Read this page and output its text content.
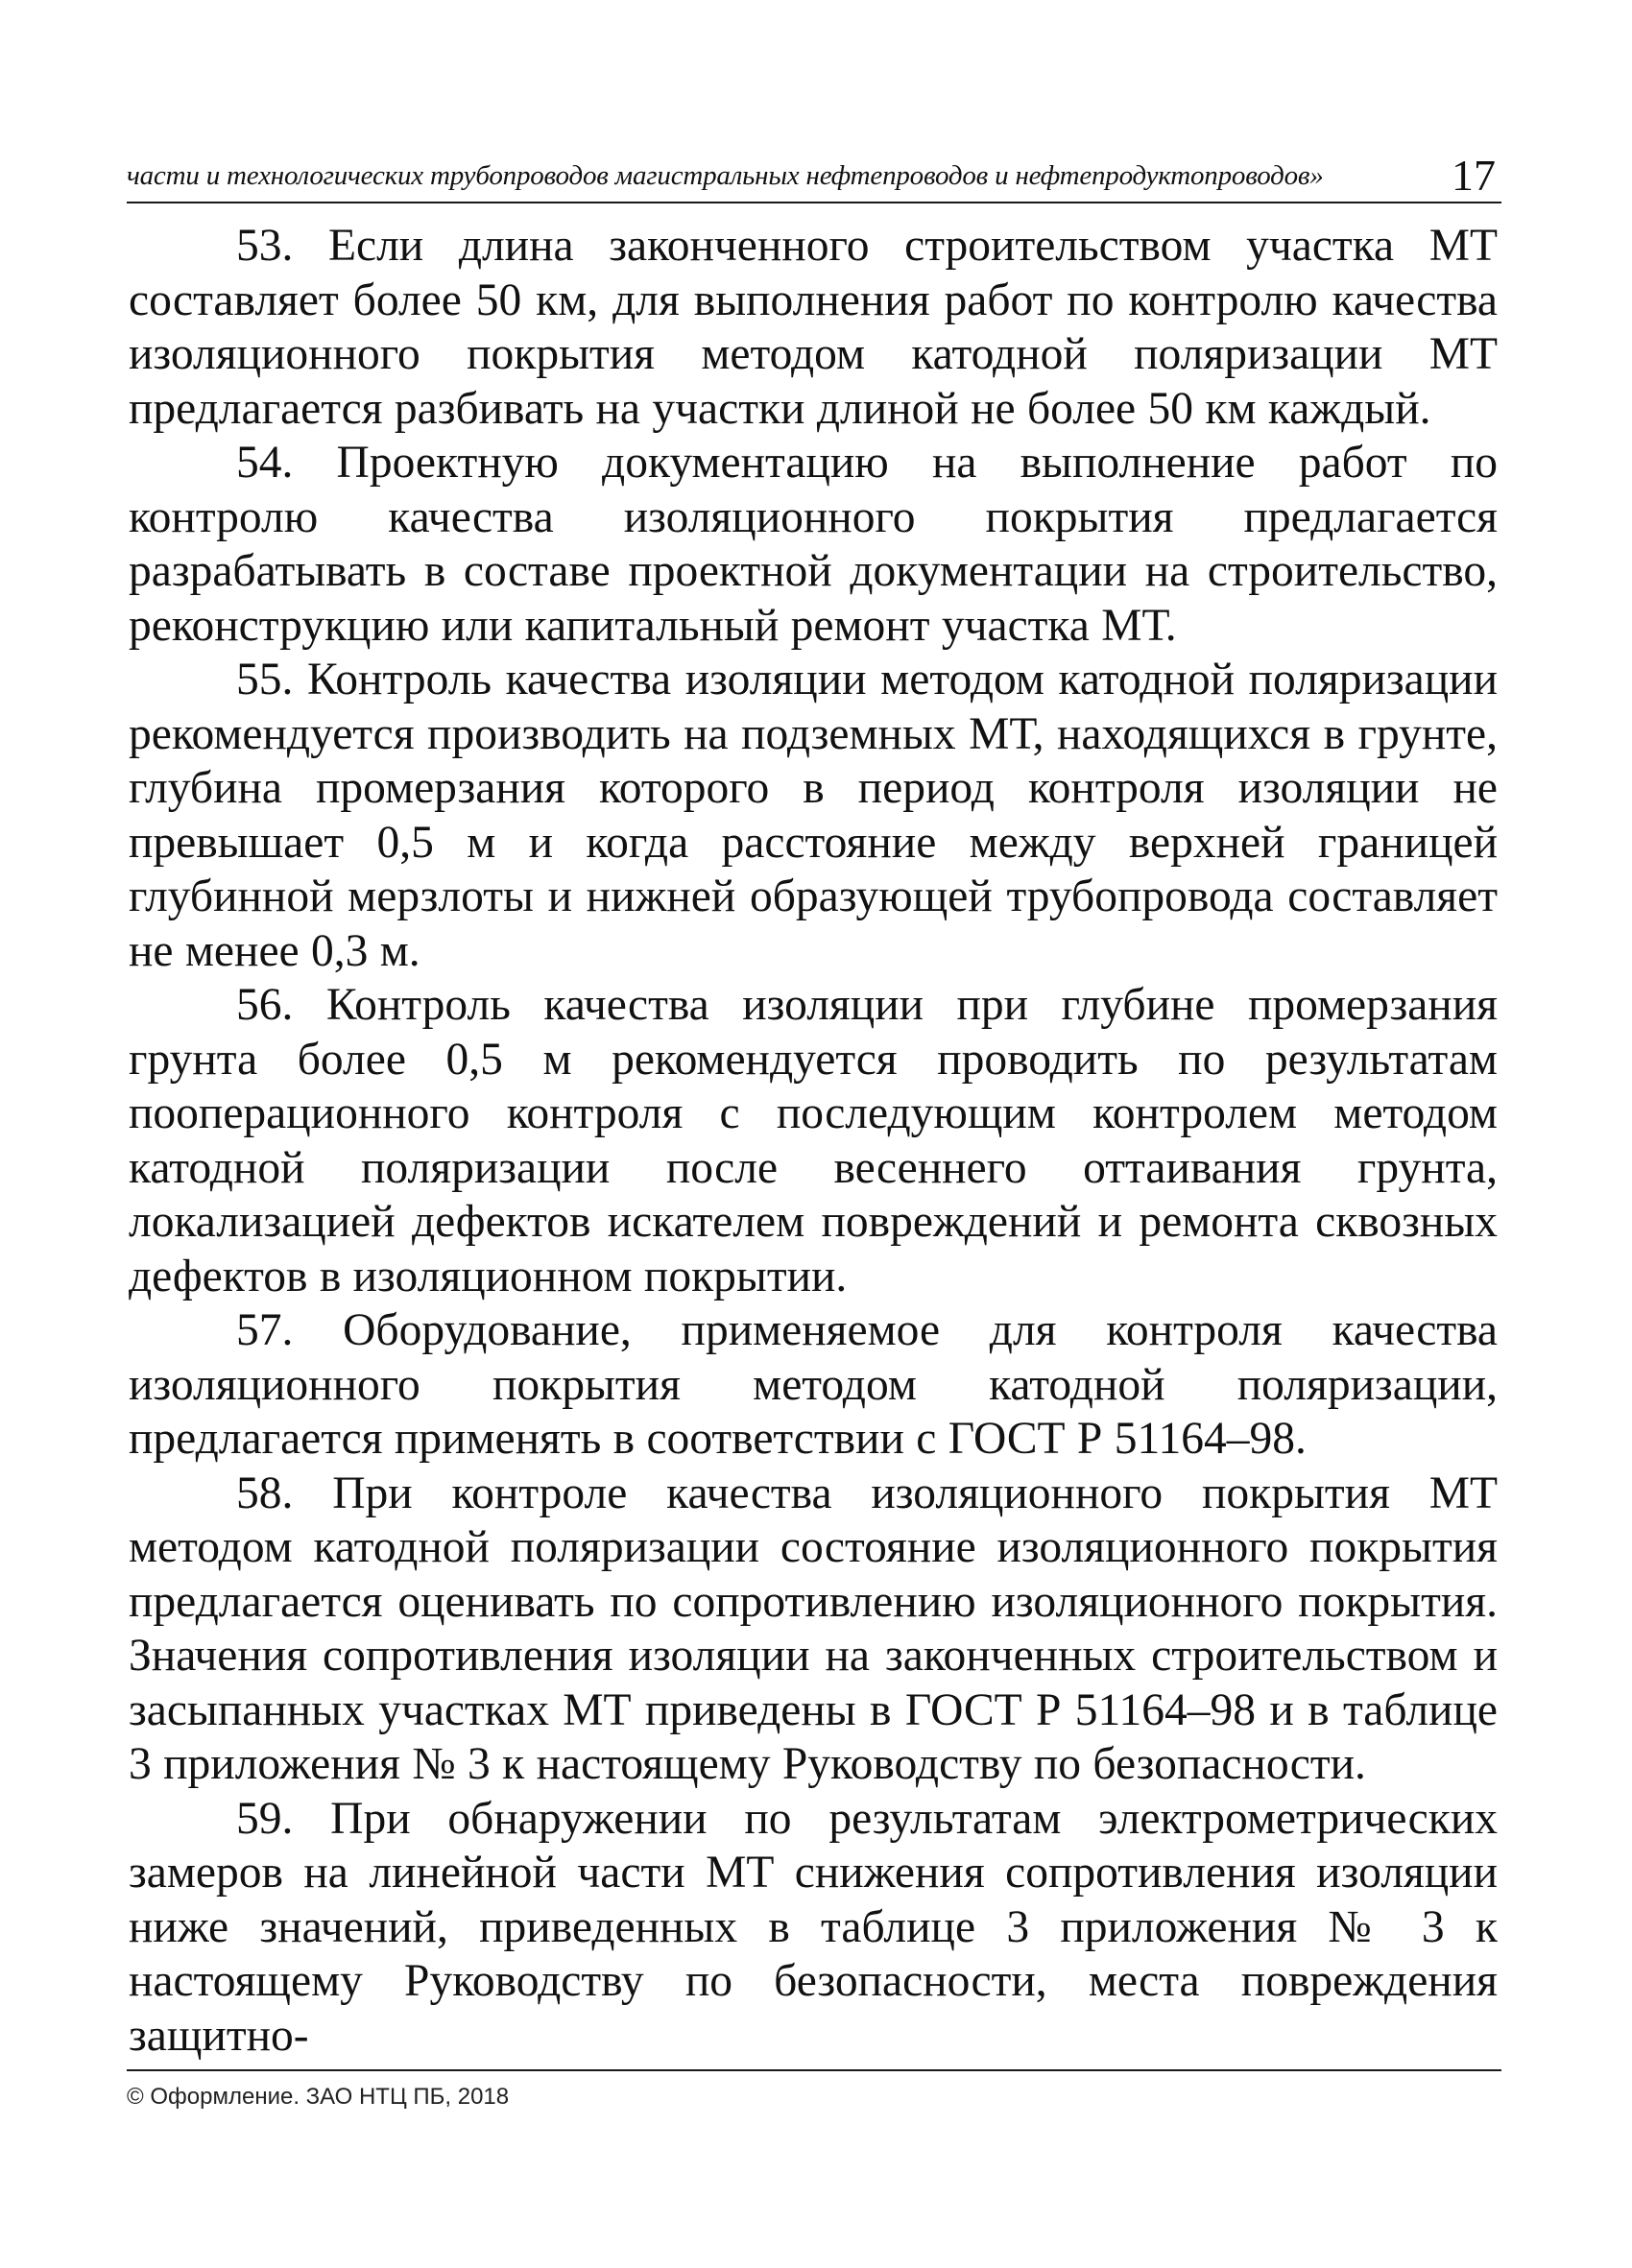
части и технологических трубопроводов магистральных нефтепроводов и нефтепродуктопроводов»	17

53. Если длина законченного строительством участка МТ составляет более 50 км, для выполнения работ по контролю качества изоляционного покрытия методом катодной поляризации МТ предлагается разбивать на участки длиной не более 50 км каждый.

54. Проектную документацию на выполнение работ по контролю качества изоляционного покрытия предлагается разрабатывать в составе проектной документации на строительство, реконструкцию или капитальный ремонт участка МТ.

55. Контроль качества изоляции методом катодной поляризации рекомендуется производить на подземных МТ, находящихся в грунте, глубина промерзания которого в период контроля изоляции не превышает 0,5 м и когда расстояние между верхней границей глубинной мерзлоты и нижней образующей трубопровода составляет не менее 0,3 м.

56. Контроль качества изоляции при глубине промерзания грунта более 0,5 м рекомендуется проводить по результатам пооперационного контроля с последующим контролем методом катодной поляризации после весеннего оттаивания грунта, локализацией дефектов искателем повреждений и ремонта сквозных дефектов в изоляционном покрытии.

57. Оборудование, применяемое для контроля качества изоляционного покрытия методом катодной поляризации, предлагается применять в соответствии с ГОСТ Р 51164–98.

58. При контроле качества изоляционного покрытия МТ методом катодной поляризации состояние изоляционного покрытия предлагается оценивать по сопротивлению изоляционного покрытия. Значения сопротивления изоляции на законченных строительством и засыпанных участках МТ приведены в ГОСТ Р 51164–98 и в таблице 3 приложения № 3 к настоящему Руководству по безопасности.

59. При обнаружении по результатам электрометрических замеров на линейной части МТ снижения сопротивления изоляции ниже значений, приведенных в таблице 3 приложения № 3 к настоящему Руководству по безопасности, места повреждения защитно-

© Оформление. ЗАО НТЦ ПБ, 2018
